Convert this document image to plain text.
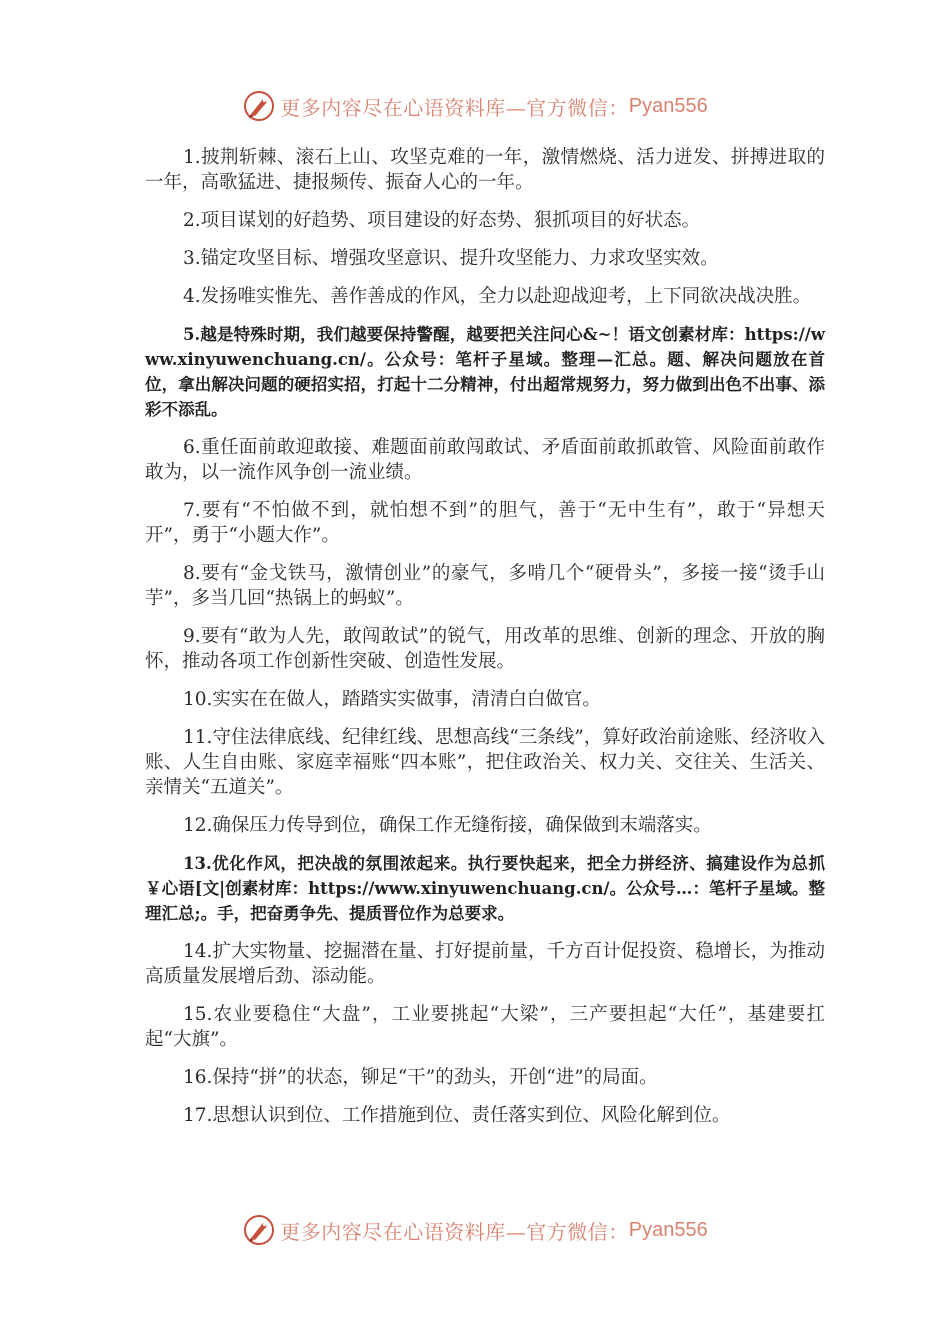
更多内容尽在心语资料库—官方微信： Pyan556

1.披荆斩棘、滚石上山、攻坚克难的一年，激情燃烧、活力迸发、拼搏进取的一年，高歌猛进、捷报频传、振奋人心的一年。

2.项目谋划的好趋势、项目建设的好态势、狠抓项目的好状态。

3.锚定攻坚目标、增强攻坚意识、提升攻坚能力、力求攻坚实效。

4.发扬唯实惟先、善作善成的作风，全力以赴迎战迎考，上下同欲决战决胜。

5.越是特殊时期，我们越要保持警醒，越要把关注问心&~！语文创素材库：https://www.xinyuwenchuang.cn/。公众号：笔杆子星域。整理—汇总。题、解决问题放在首位，拿出解决问题的硬招实招，打起十二分精神，付出超常规努力，努力做到出色不出事、添彩不添乱。

6.重任面前敢迎敢接、难题面前敢闯敢试、矛盾面前敢抓敢管、风险面前敢作敢为，以一流作风争创一流业绩。

7.要有“不怕做不到，就怕想不到”的胆气，善于“无中生有”，敢于“异想天开”，勇于“小题大作”。

8.要有“金戈铁马，激情创业”的豪气，多啃几个“硬骨头”，多接一接“烫手山芋”，多当几回“热锅上的蚂蚁”。

9.要有“敢为人先，敢闯敢试”的锐气，用改革的思维、创新的理念、开放的胸怀，推动各项工作创新性突破、创造性发展。

10.实实在在做人，踏踏实实做事，清清白白做官。

11.守住法律底线、纪律红线、思想高线“三条线”，算好政治前途账、经济收入账、人生自由账、家庭幸福账“四本账”，把住政治关、权力关、交往关、生活关、亲情关“五道关”。

12.确保压力传导到位，确保工作无缝衔接，确保做到末端落实。

13.优化作风，把决战的氛围浓起来。执行要快起来，把全力拼经济、搞建设作为总抓￥心语[文|创素材库：https://www.xinyuwenchuang.cn/。公众号…：笔杆子星域。整理汇总;。手，把奋勇争先、提质晋位作为总要求。

14.扩大实物量、挖掘潜在量、打好提前量，千方百计促投资、稳增长，为推动高质量发展增后劲、添动能。

15.农业要稳住“大盘”，工业要挑起“大梁”，三产要担起“大任”，基建要扛起“大旗”。

16.保持“拼”的状态，铆足“干”的劲头，开创“进”的局面。

17.思想认识到位、工作措施到位、责任落实到位、风险化解到位。

更多内容尽在心语资料库—官方微信： Pyan556
